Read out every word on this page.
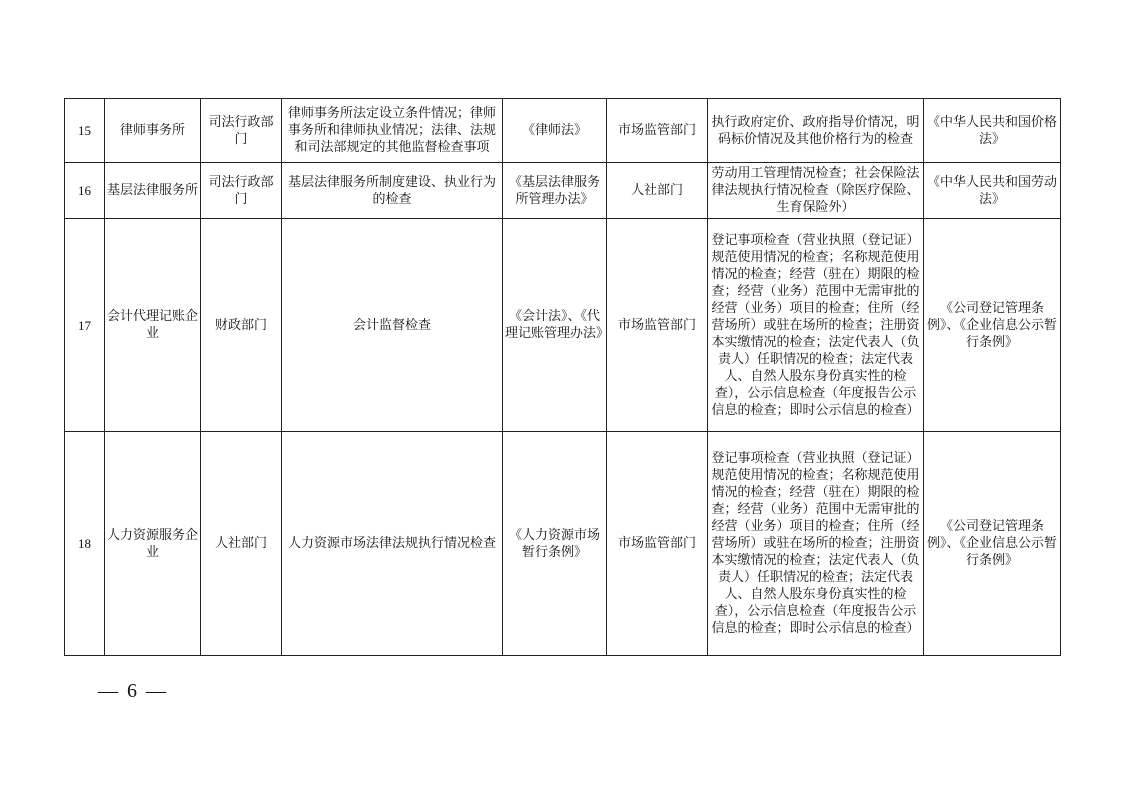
15	律师事务所	司法行政部门	律师事务所法定设立条件情况；律师事务所和律师执业情况；法律、法规和司法部规定的其他监督检查事项	《律师法》	市场监管部门	执行政府定价、政府指导价情况，明码标价情况及其他价格行为的检查	《中华人民共和国价格法》
16	基层法律服务所	司法行政部门	基层法律服务所制度建设、执业行为的检查	《基层法律服务所管理办法》	人社部门	劳动用工管理情况检查；社会保险法律法规执行情况检查（除医疗保险、生育保险外）	《中华人民共和国劳动法》
17	会计代理记账企业	财政部门	会计监督检查	《会计法》、《代理记账管理办法》	市场监管部门	登记事项检查（营业执照（登记证）规范使用情况的检查；名称规范使用情况的检查；经营（驻在）期限的检查；经营（业务）范围中无需审批的经营（业务）项目的检查；住所（经营场所）或驻在场所的检查；注册资本实缴情况的检查；法定代表人（负责人）任职情况的检查；法定代表人、自然人股东身份真实性的检查），公示信息检查（年度报告公示信息的检查；即时公示信息的检查）	《公司登记管理条例》、《企业信息公示暂行条例》
18	人力资源服务企业	人社部门	人力资源市场法律法规执行情况检查	《人力资源市场暂行条例》	市场监管部门	登记事项检查（营业执照（登记证）规范使用情况的检查；名称规范使用情况的检查；经营（驻在）期限的检查；经营（业务）范围中无需审批的经营（业务）项目的检查；住所（经营场所）或驻在场所的检查；注册资本实缴情况的检查；法定代表人（负责人）任职情况的检查；法定代表人、自然人股东身份真实性的检查），公示信息检查（年度报告公示信息的检查；即时公示信息的检查）	《公司登记管理条例》、《企业信息公示暂行条例》
— 6 —
